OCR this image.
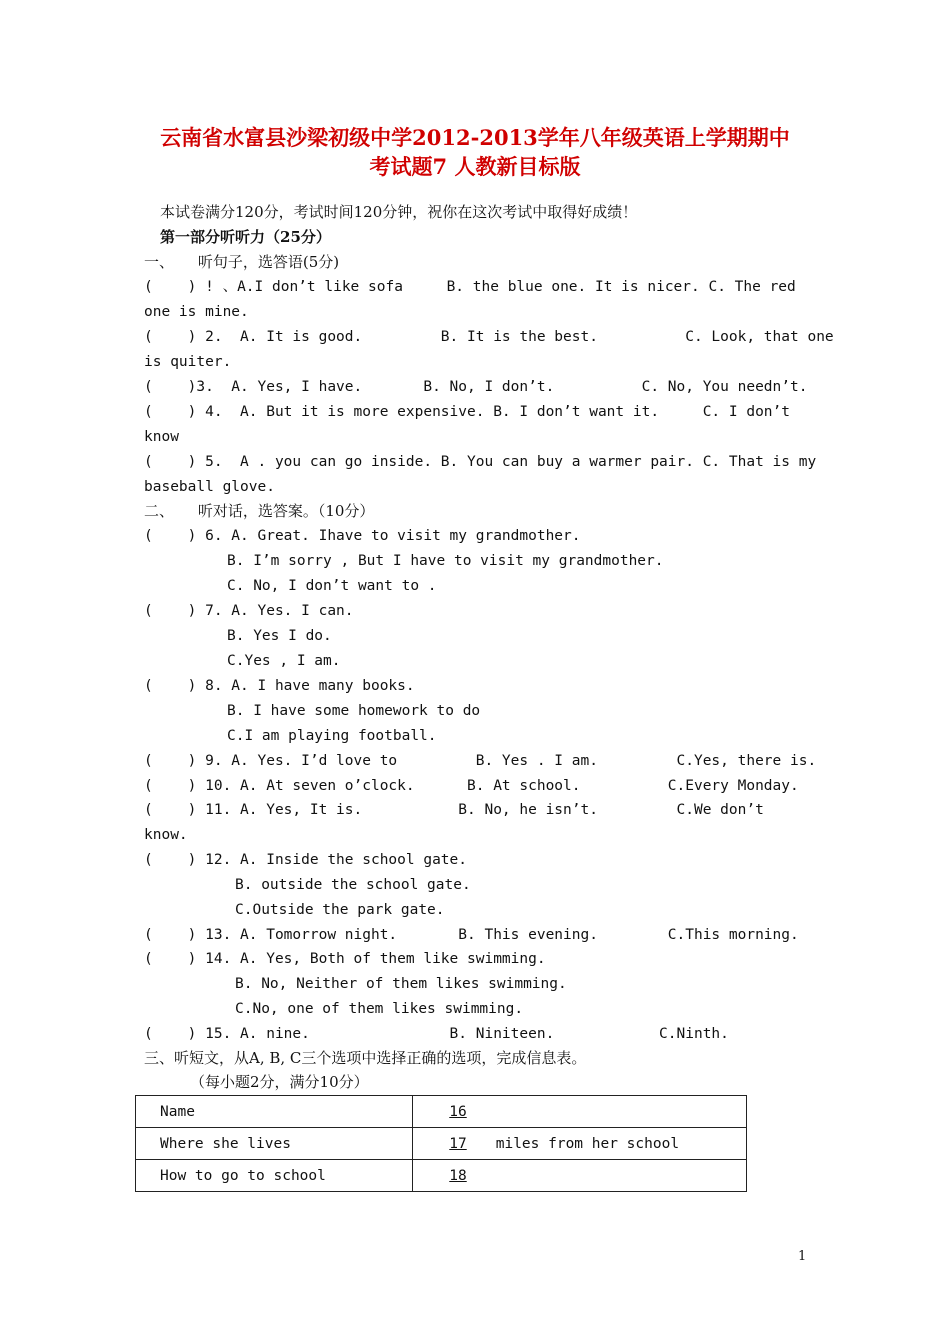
云南省水富县沙梁初级中学2012-2013学年八年级英语上学期期中
考试题7 人教新目标版
本试卷满分120分，考试时间120分钟，祝你在这次考试中取得好成绩！
第一部分听听力（25分）
一、     听句子，选答语(5分)
(    ) ! 、A.I don’t like sofa     B. the blue one. It is nicer. C. The red
one is mine.
(    ) 2.  A. It is good.         B. It is the best.          C. Look, that one
is quiter.
(    )3.  A. Yes, I have.       B. No, I don’t.          C. No, You needn’t.
(    ) 4.  A. But it is more expensive. B. I don’t want it.     C. I don’t
know
(    ) 5.  A . you can go inside. B. You can buy a warmer pair. C. That is my
baseball glove.
二、     听对话，选答案。（10分）
(    ) 6. A. Great. Ihave to visit my grandmother.
B. I’m sorry , But I have to visit my grandmother.
C. No, I don’t want to .
(    ) 7. A. Yes. I can.
B. Yes I do.
C.Yes , I am.
(    ) 8. A. I have many books.
B. I have some homework to do
C.I am playing football.
(    ) 9. A. Yes. I’d love to         B. Yes . I am.         C.Yes, there is.
(    ) 10. A. At seven o’clock.      B. At school.          C.Every Monday.
(    ) 11. A. Yes, It is.           B. No, he isn’t.         C.We don’t
know.
(    ) 12. A. Inside the school gate.
B. outside the school gate.
C.Outside the park gate.
(    ) 13. A. Tomorrow night.       B. This evening.        C.This morning.
(    ) 14. A. Yes, Both of them like swimming.
B. No, Neither of them likes swimming.
C.No, one of them likes swimming.
(    ) 15. A. nine.                B. Niniteen.            C.Ninth.
三、听短文，从A, B, C三个选项中选择正确的选项，完成信息表。
（每小题2分，满分10分）
Name	16
Where she lives	17 miles from her school
How to go to school	18
1
